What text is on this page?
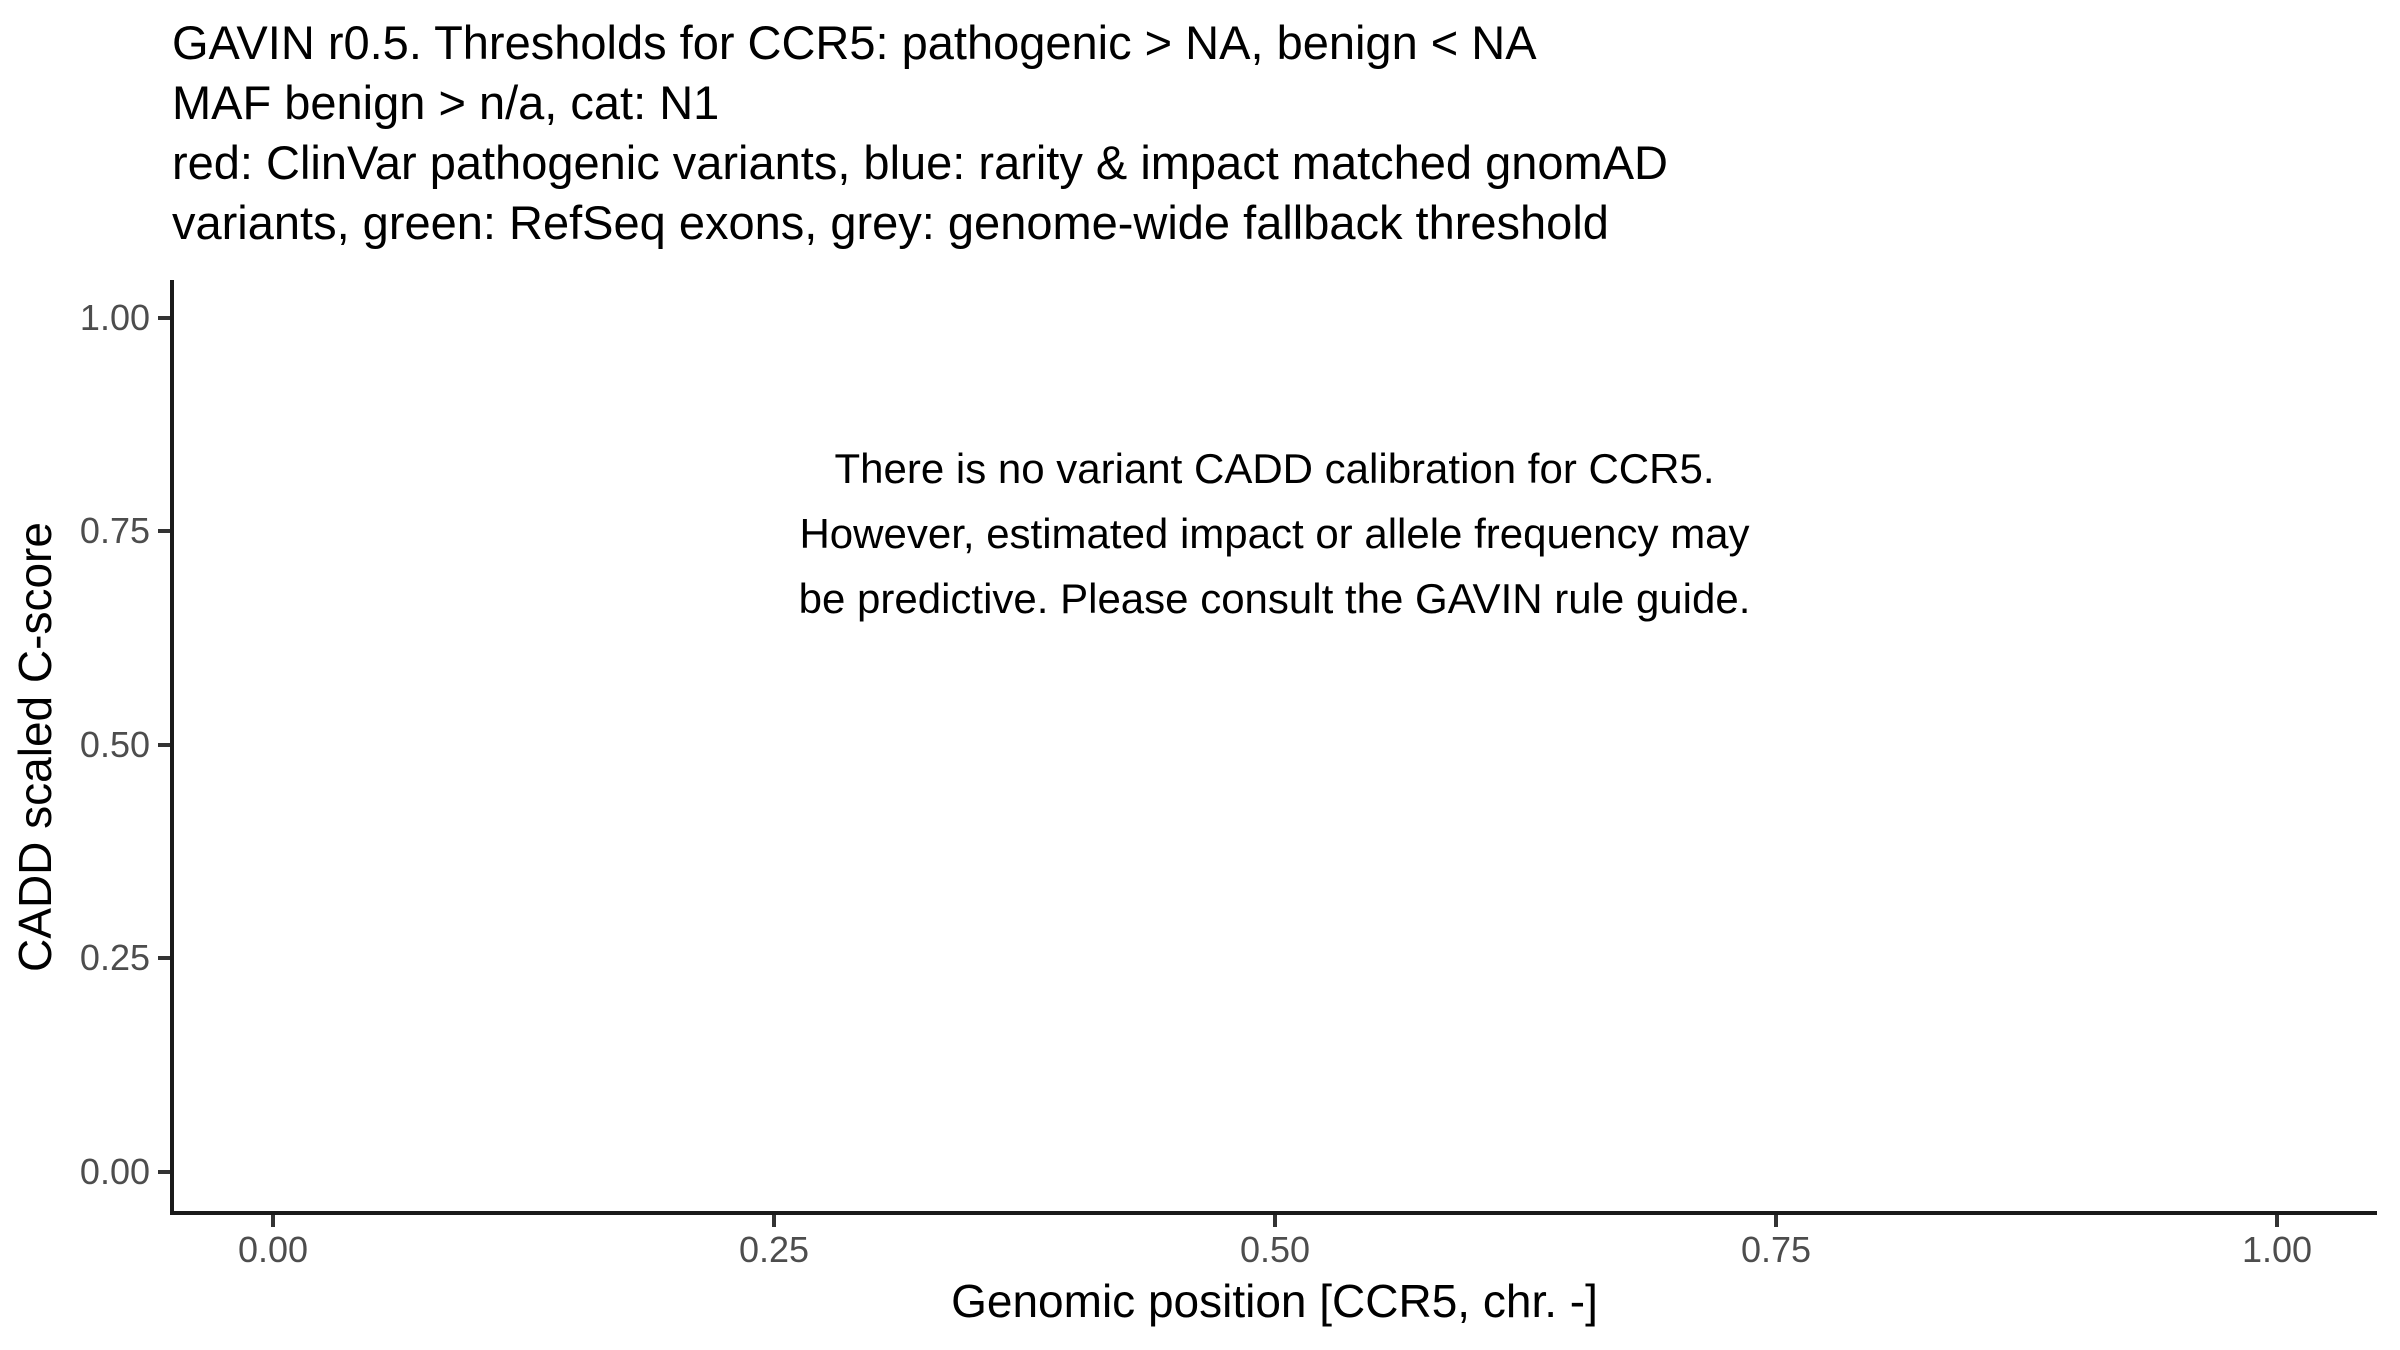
GAVIN r0.5. Thresholds for CCR5: pathogenic > NA, benign < NA
MAF benign > n/a, cat: N1
red: ClinVar pathogenic variants, blue: rarity & impact matched gnomAD
variants, green: RefSeq exons, grey: genome-wide fallback threshold
There is no variant CADD calibration for CCR5.
However, estimated impact or allele frequency may
be predictive. Please consult the GAVIN rule guide.
1.00
0.75
0.50
0.25
0.00
0.00	0.25	0.50	0.75	1.00
Genomic position [CCR5, chr. -]
CADD scaled C-score
